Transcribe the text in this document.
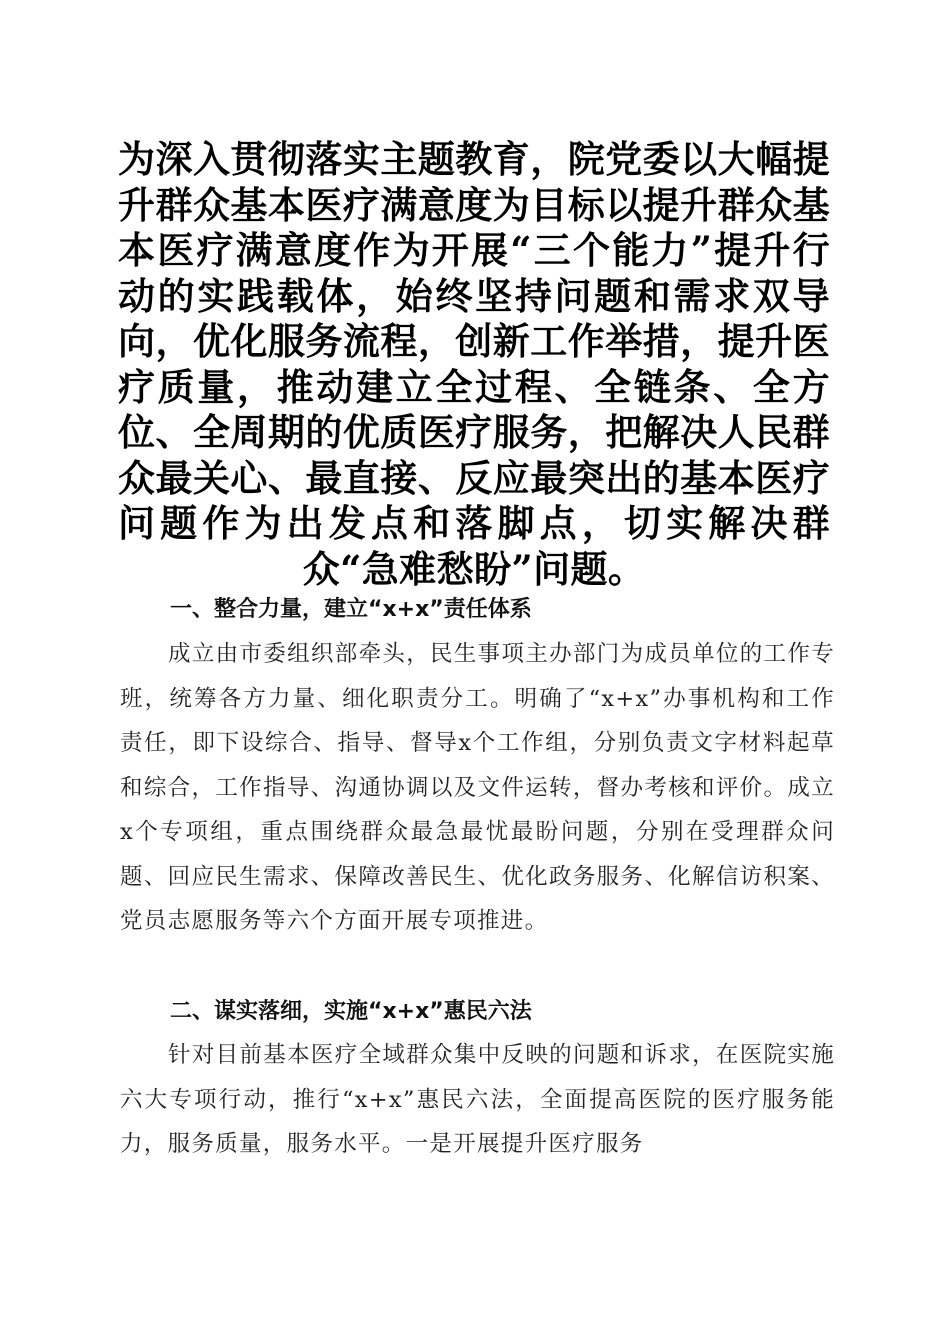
为深入贯彻落实主题教育，院党委以大幅提升群众基本医疗满意度为目标以提升群众基本医疗满意度作为开展“三个能力”提升行动的实践载体，始终坚持问题和需求双导向，优化服务流程，创新工作举措，提升医疗质量，推动建立全过程、全链条、全方位、全周期的优质医疗服务，把解决人民群众最关心、最直接、反应最突出的基本医疗问题作为出发点和落脚点，切实解决群众“急难愁盼”问题。
一、整合力量，建立“x+x”责任体系

成立由市委组织部牵头，民生事项主办部门为成员单位的工作专班，统筹各方力量、细化职责分工。明确了“x+x”办事机构和工作责任，即下设综合、指导、督导x个工作组，分别负责文字材料起草和综合，工作指导、沟通协调以及文件运转，督办考核和评价。成立x个专项组，重点围绕群众最急最忧最盼问题，分别在受理群众问题、回应民生需求、保障改善民生、优化政务服务、化解信访积案、党员志愿服务等六个方面开展专项推进。

二、谋实落细，实施“x+x”惠民六法

针对目前基本医疗全域群众集中反映的问题和诉求，在医院实施六大专项行动，推行“x+x”惠民六法，全面提高医院的医疗服务能力，服务质量，服务水平。一是开展提升医疗服务
